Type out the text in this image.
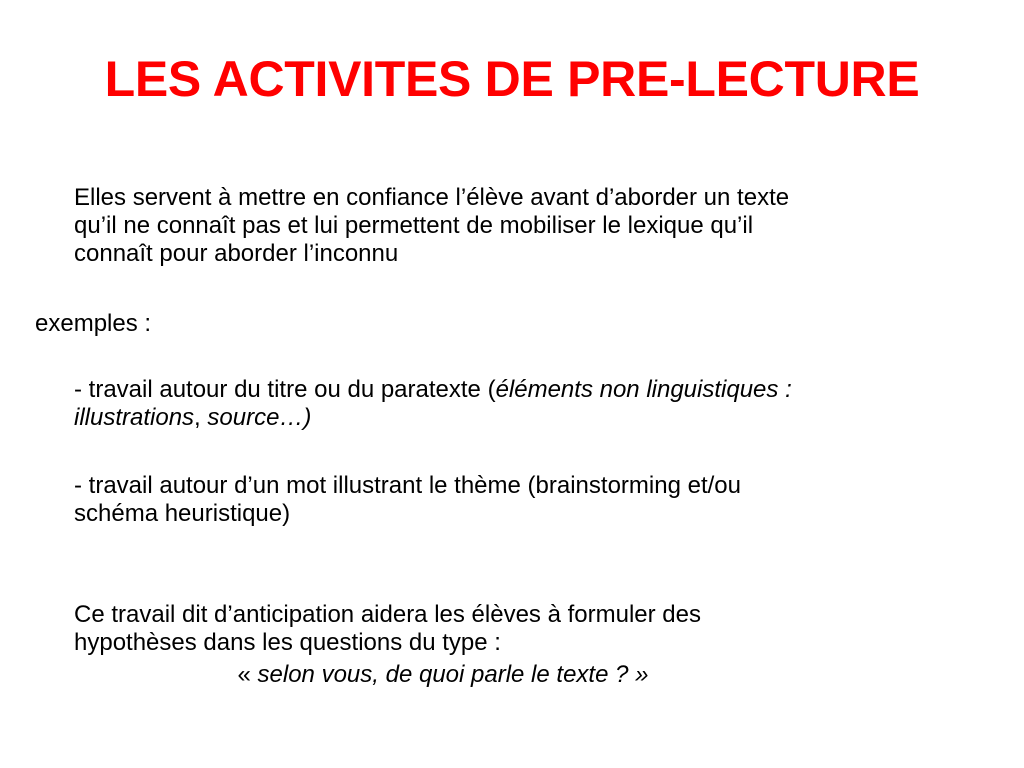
LES ACTIVITES DE PRE-LECTURE

Elles servent à mettre en confiance l’élève avant d’aborder un texte
qu’il ne connaît pas et lui permettent de mobiliser le lexique qu’il
connaît pour aborder l’inconnu

exemples :

- travail autour du titre ou du paratexte (éléments non linguistiques :
illustrations, source…)

- travail autour d’un mot illustrant le thème (brainstorming et/ou
schéma heuristique)

Ce travail dit d’anticipation aidera les élèves à formuler des
hypothèses dans les questions du type :

« selon vous, de quoi parle le texte ? »
